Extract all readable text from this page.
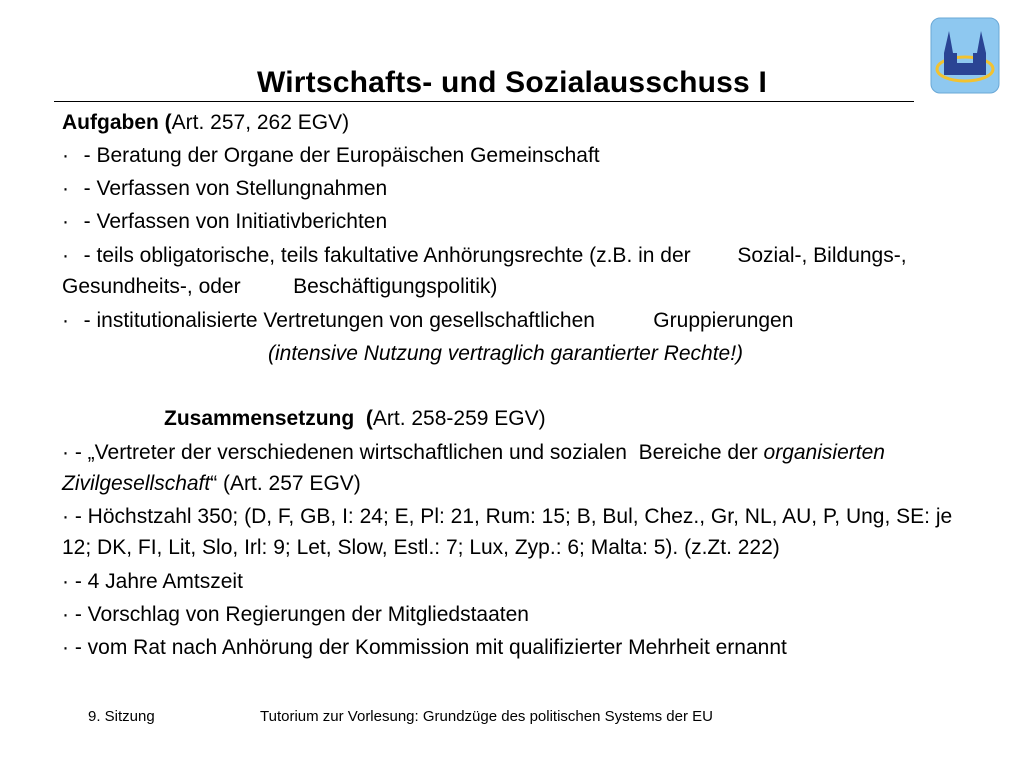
Wirtschafts- und Sozialausschuss I
Aufgaben (Art. 257, 262 EGV)
· - Beratung der Organe der Europäischen Gemeinschaft
· - Verfassen von Stellungnahmen
· - Verfassen von Initiativberichten
· - teils obligatorische, teils fakultative Anhörungsrechte (z.B. in der        Sozial-, Bildungs-, Gesundheits-, oder         Beschäftigungspolitik)
· - institutionalisierte Vertretungen von gesellschaftlichen          Gruppierungen
(intensive Nutzung vertraglich garantierter Rechte!)
Zusammensetzung  (Art. 258-259 EGV)
· - „Vertreter der verschiedenen wirtschaftlichen und sozialen  Bereiche der organisierten Zivilgesellschaft“ (Art. 257 EGV)
· - Höchstzahl 350; (D, F, GB, I: 24; E, Pl: 21, Rum: 15; B, Bul, Chez., Gr, NL, AU, P, Ung, SE: je 12; DK, FI, Lit, Slo, Irl: 9; Let, Slow, Estl.: 7; Lux, Zyp.: 6; Malta: 5). (z.Zt. 222)
· - 4 Jahre Amtszeit
· - Vorschlag von Regierungen der Mitgliedstaaten
· - vom Rat nach Anhörung der Kommission mit qualifizierter Mehrheit ernannt
9. Sitzung	Tutorium zur Vorlesung: Grundzüge des politischen Systems der EU
